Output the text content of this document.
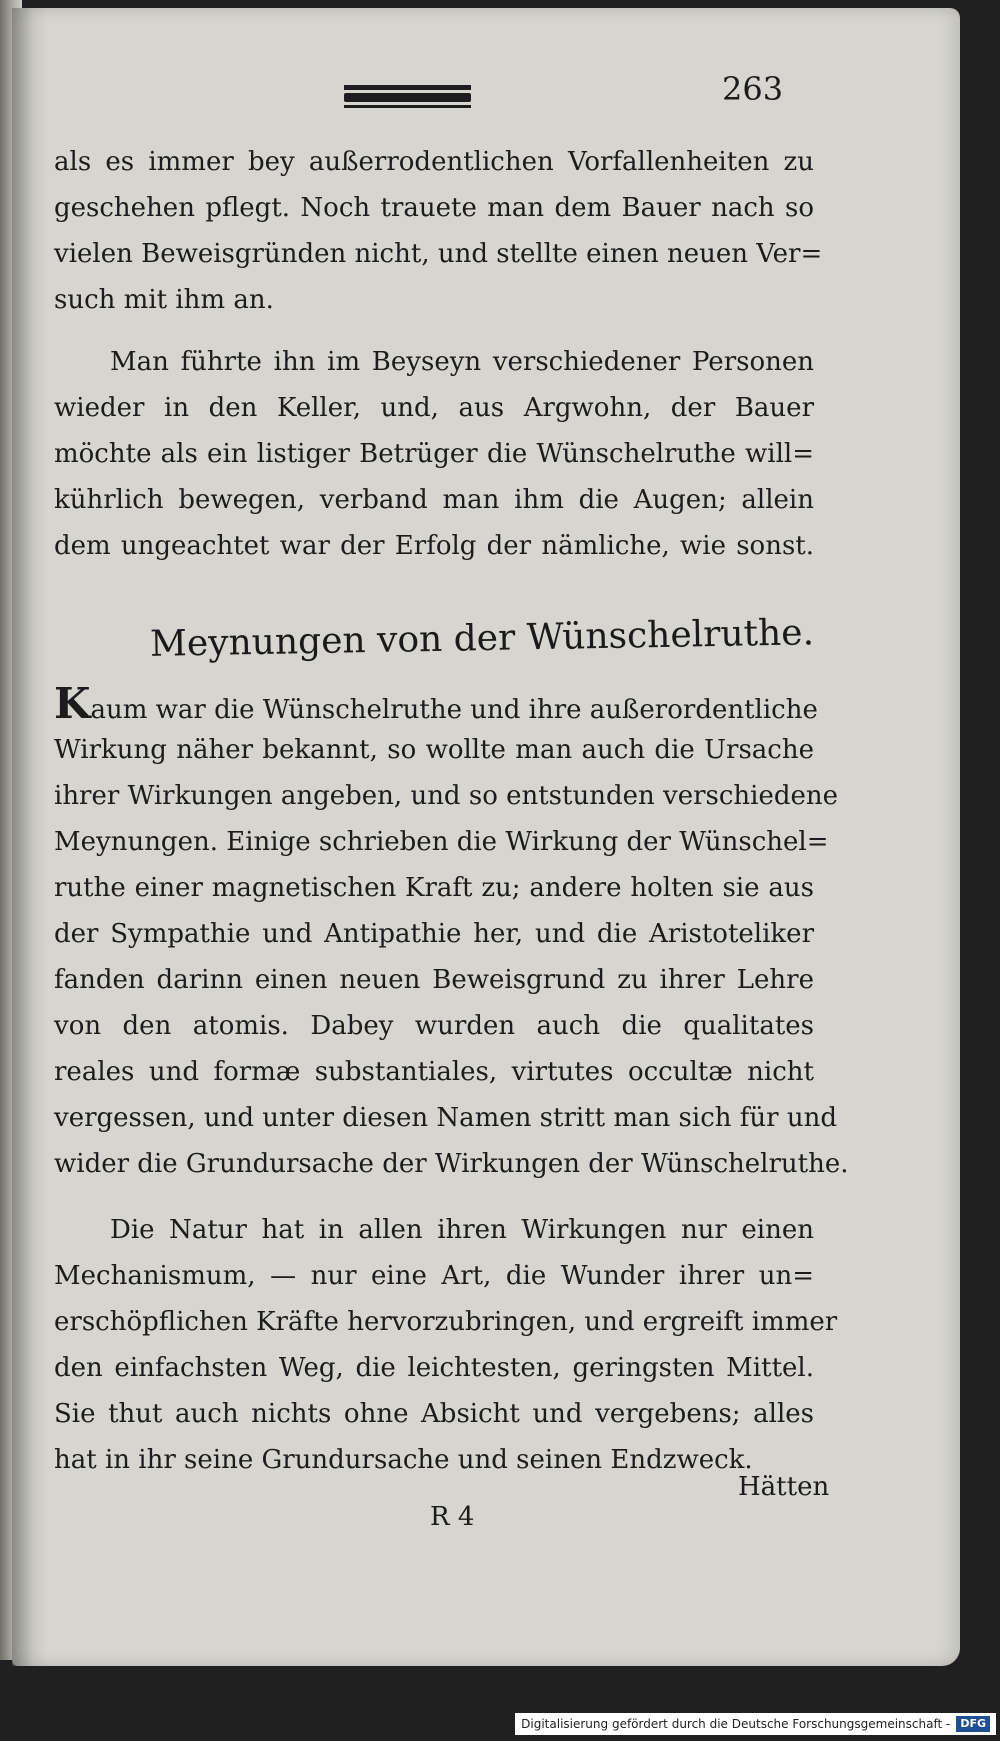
263
als es immer bey außerrodentlichen Vorfallenheiten zu
geschehen pflegt. Noch trauete man dem Bauer nach so
vielen Beweisgründen nicht, und stellte einen neuen Ver=
such mit ihm an.
Man führte ihn im Beyseyn verschiedener Personen
wieder in den Keller, und, aus Argwohn, der Bauer
möchte als ein listiger Betrüger die Wünschelruthe will=
kührlich bewegen, verband man ihm die Augen; allein
dem ungeachtet war der Erfolg der nämliche, wie sonst.
Meynungen von der Wünschelruthe.
Kaum war die Wünschelruthe und ihre außerordentliche
Wirkung näher bekannt, so wollte man auch die Ursache
ihrer Wirkungen angeben, und so entstunden verschiedene
Meynungen. Einige schrieben die Wirkung der Wünschel=
ruthe einer magnetischen Kraft zu; andere holten sie aus
der Sympathie und Antipathie her, und die Aristoteliker
fanden darinn einen neuen Beweisgrund zu ihrer Lehre
von den atomis. Dabey wurden auch die qualitates
reales und formæ substantiales, virtutes occultæ nicht
vergessen, und unter diesen Namen stritt man sich für und
wider die Grundursache der Wirkungen der Wünschelruthe.
Die Natur hat in allen ihren Wirkungen nur einen
Mechanismum, — nur eine Art, die Wunder ihrer un=
erschöpflichen Kräfte hervorzubringen, und ergreift immer
den einfachsten Weg, die leichtesten, geringsten Mittel.
Sie thut auch nichts ohne Absicht und vergebens; alles
hat in ihr seine Grundursache und seinen Endzweck.
R 4
Hätten
Digitalisierung gefördert durch die Deutsche Forschungsgemeinschaft - DFG
